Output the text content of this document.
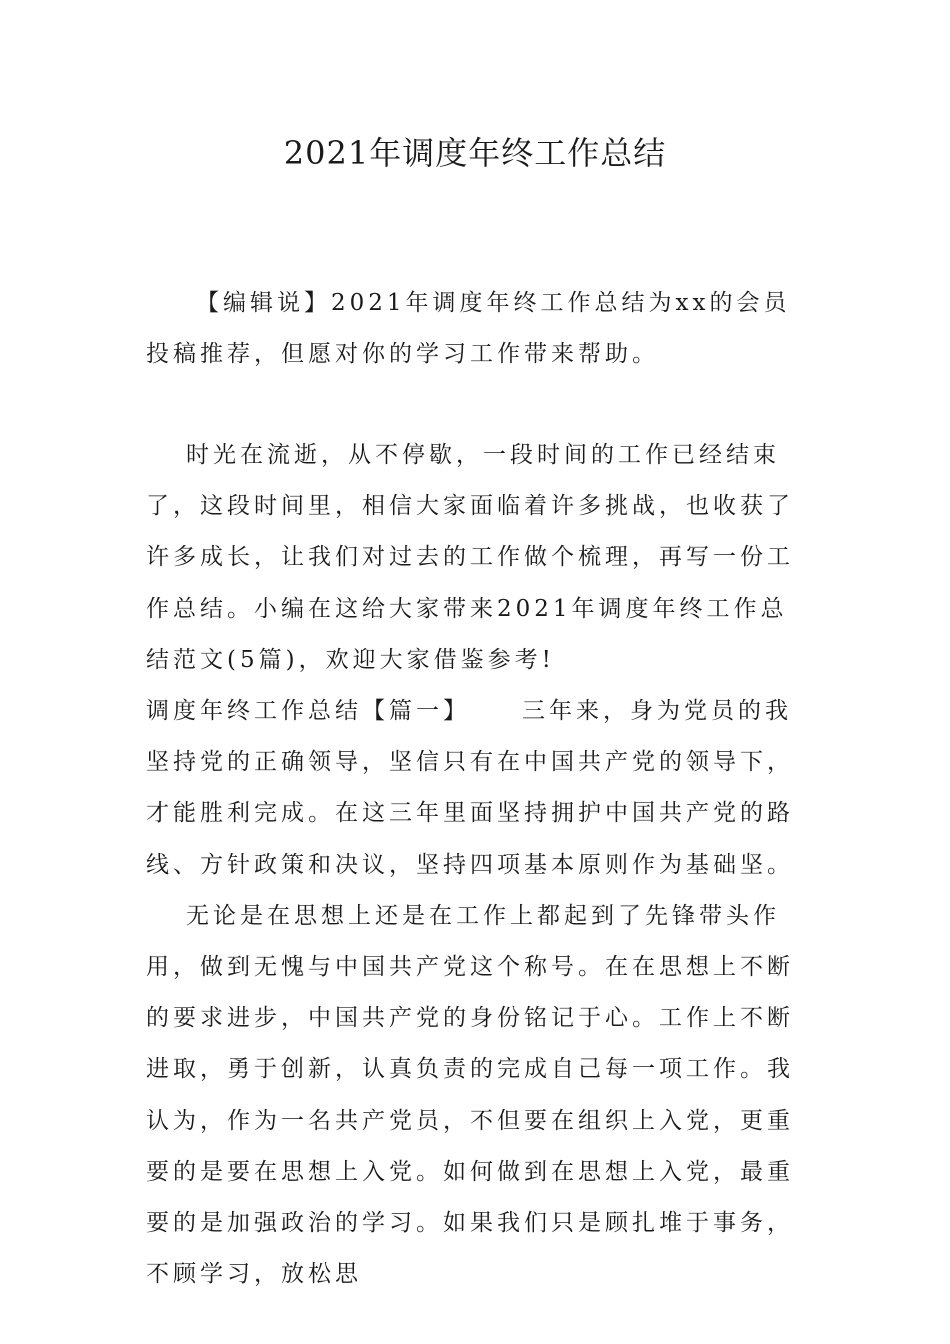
2021年调度年终工作总结

【编辑说】2021年调度年终工作总结为xx的会员投稿推荐，但愿对你的学习工作带来帮助。

时光在流逝，从不停歇，一段时间的工作已经结束了，这段时间里，相信大家面临着许多挑战，也收获了许多成长，让我们对过去的工作做个梳理，再写一份工作总结。小编在这给大家带来2021年调度年终工作总结范文(5篇)，欢迎大家借鉴参考!

调度年终工作总结【篇一】 三年来，身为党员的我坚持党的正确领导，坚信只有在中国共产党的领导下，才能胜利完成。在这三年里面坚持拥护中国共产党的路线、方针政策和决议，坚持四项基本原则作为基础坚。

无论是在思想上还是在工作上都起到了先锋带头作用，做到无愧与中国共产党这个称号。在在思想上不断的要求进步，中国共产党的身份铭记于心。工作上不断进取，勇于创新，认真负责的完成自己每一项工作。我认为，作为一名共产党员，不但要在组织上入党，更重要的是要在思想上入党。如何做到在思想上入党，最重要的是加强政治的学习。如果我们只是顾扎堆于事务，不顾学习，放松思
